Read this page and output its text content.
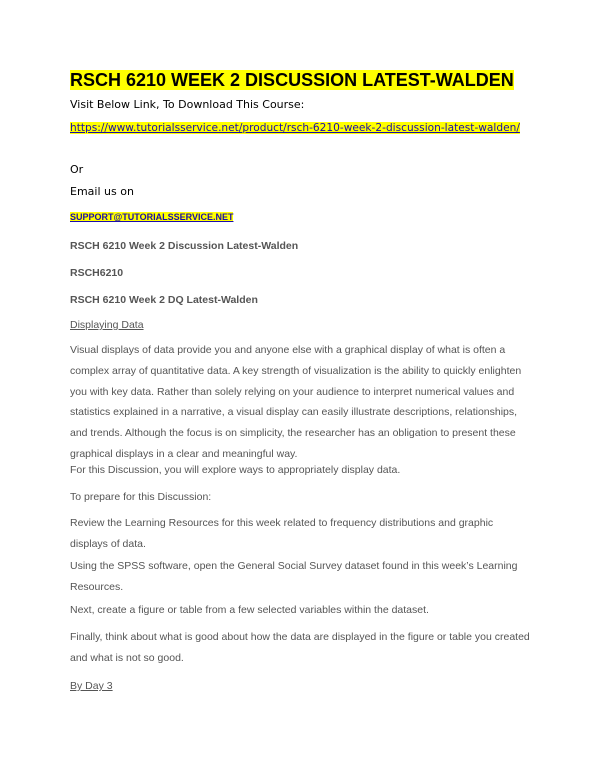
RSCH 6210 WEEK 2 DISCUSSION LATEST-WALDEN
Visit Below Link, To Download This Course:
https://www.tutorialsservice.net/product/rsch-6210-week-2-discussion-latest-walden/
Or
Email us on
SUPPORT@TUTORIALSSERVICE.NET
RSCH 6210 Week 2 Discussion Latest-Walden
RSCH6210
RSCH 6210 Week 2 DQ Latest-Walden
Displaying Data
Visual displays of data provide you and anyone else with a graphical display of what is often a complex array of quantitative data. A key strength of visualization is the ability to quickly enlighten you with key data. Rather than solely relying on your audience to interpret numerical values and statistics explained in a narrative, a visual display can easily illustrate descriptions, relationships, and trends. Although the focus is on simplicity, the researcher has an obligation to present these graphical displays in a clear and meaningful way.
For this Discussion, you will explore ways to appropriately display data.
To prepare for this Discussion:
Review the Learning Resources for this week related to frequency distributions and graphic displays of data.
Using the SPSS software, open the General Social Survey dataset found in this week’s Learning Resources.
Next, create a figure or table from a few selected variables within the dataset.
Finally, think about what is good about how the data are displayed in the figure or table you created and what is not so good.
By Day 3
